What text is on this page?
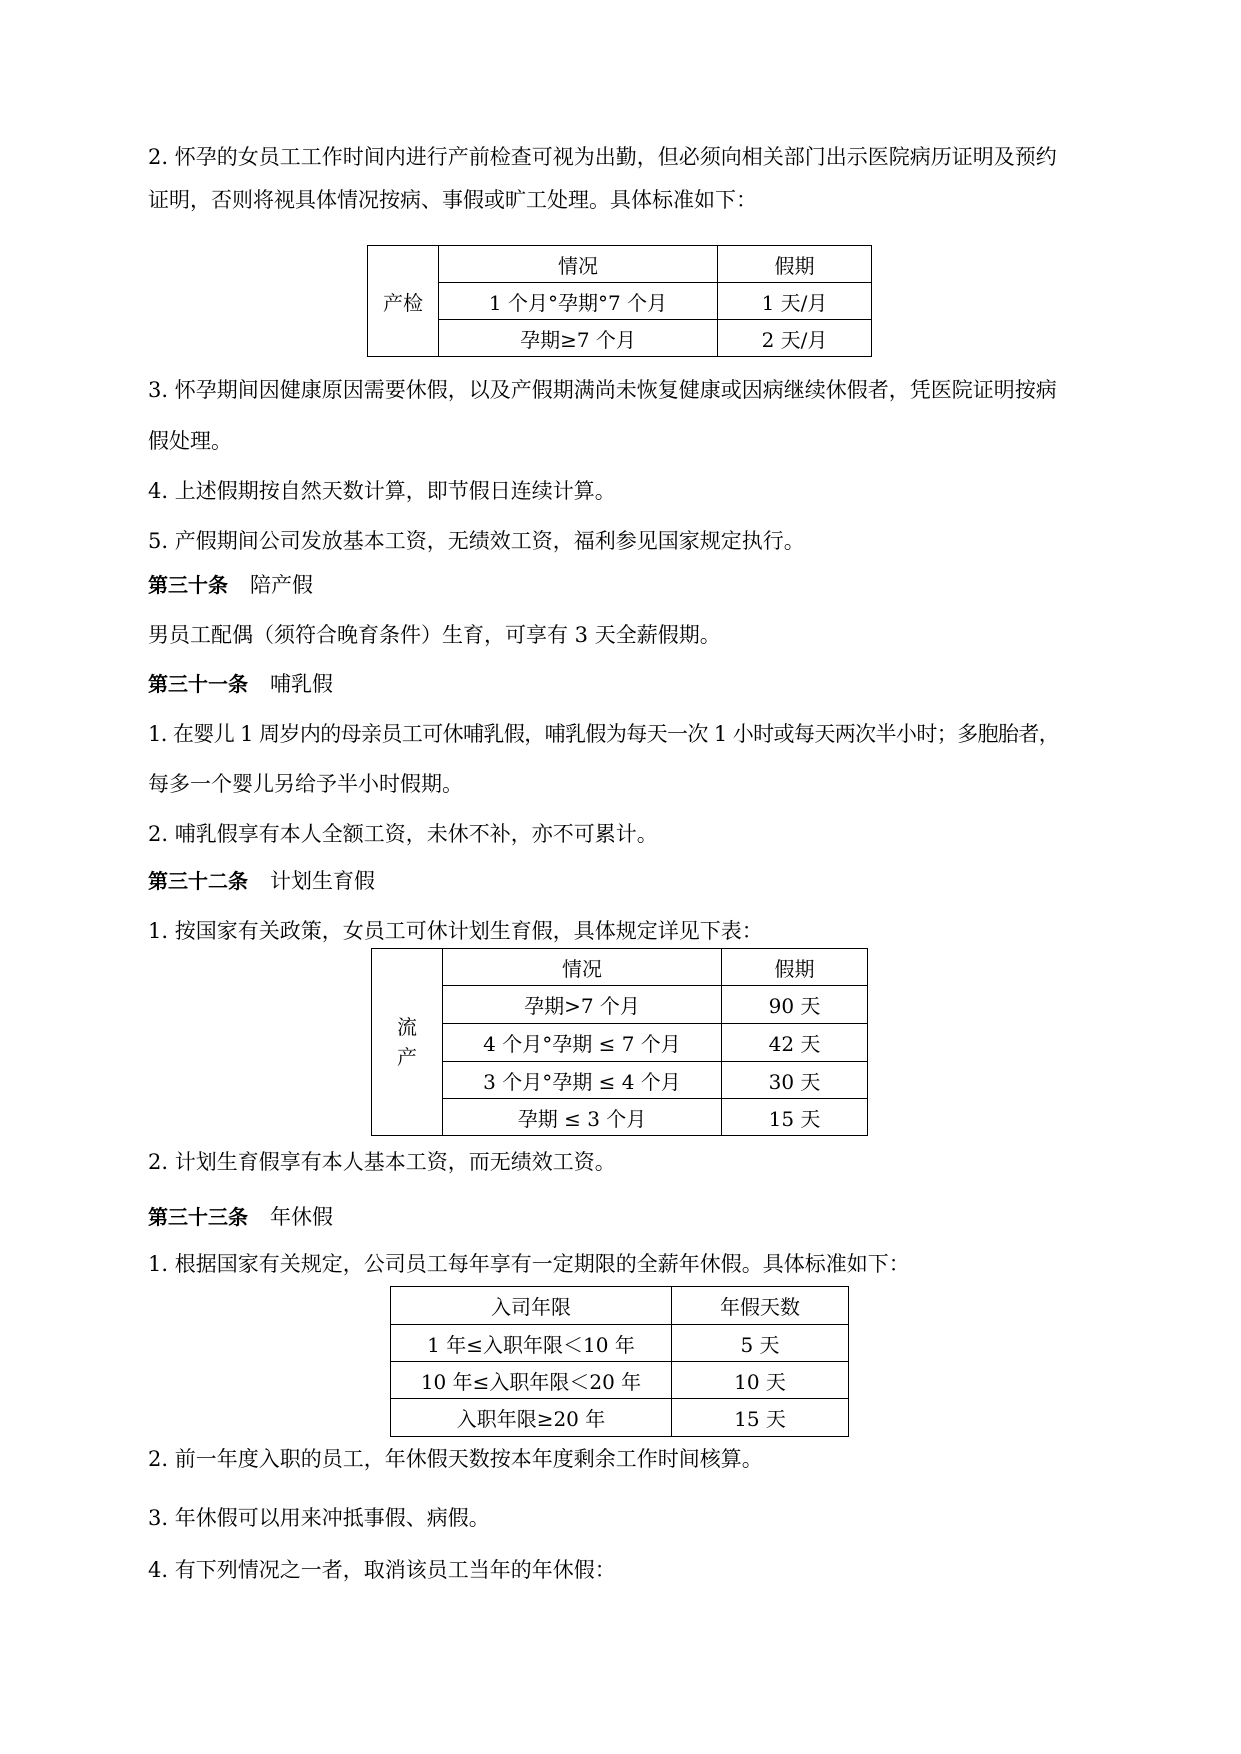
2. 怀孕的女员工工作时间内进行产前检查可视为出勤，但必须向相关部门出示医院病历证明及预约

证明，否则将视具体情况按病、事假或旷工处理。具体标准如下：

产检	情况	假期
	1 个月°孕期°7 个月	1 天/月
	孕期≥7 个月	2 天/月

3. 怀孕期间因健康原因需要休假，以及产假期满尚未恢复健康或因病继续休假者，凭医院证明按病

假处理。

4. 上述假期按自然天数计算，即节假日连续计算。

5. 产假期间公司发放基本工资，无绩效工资，福利参见国家规定执行。

第三十条 陪产假

男员工配偶（须符合晚育条件）生育，可享有 3 天全薪假期。

第三十一条 哺乳假

1. 在婴儿 1 周岁内的母亲员工可休哺乳假，哺乳假为每天一次 1 小时或每天两次半小时；多胞胎者，

每多一个婴儿另给予半小时假期。

2. 哺乳假享有本人全额工资，未休不补，亦不可累计。

第三十二条 计划生育假

1. 按国家有关政策，女员工可休计划生育假，具体规定详见下表：

流
产	情况	假期
	孕期>7 个月	90 天
	4 个月°孕期 ≤ 7 个月	42 天
	3 个月°孕期 ≤ 4 个月	30 天
	孕期 ≤ 3 个月	15 天

2. 计划生育假享有本人基本工资，而无绩效工资。

第三十三条 年休假

1. 根据国家有关规定，公司员工每年享有一定期限的全薪年休假。具体标准如下：

入司年限	年假天数
1 年≤入职年限＜10 年	5 天
10 年≤入职年限＜20 年	10 天
入职年限≥20 年	15 天

2. 前一年度入职的员工，年休假天数按本年度剩余工作时间核算。

3. 年休假可以用来冲抵事假、病假。

4. 有下列情况之一者，取消该员工当年的年休假：
